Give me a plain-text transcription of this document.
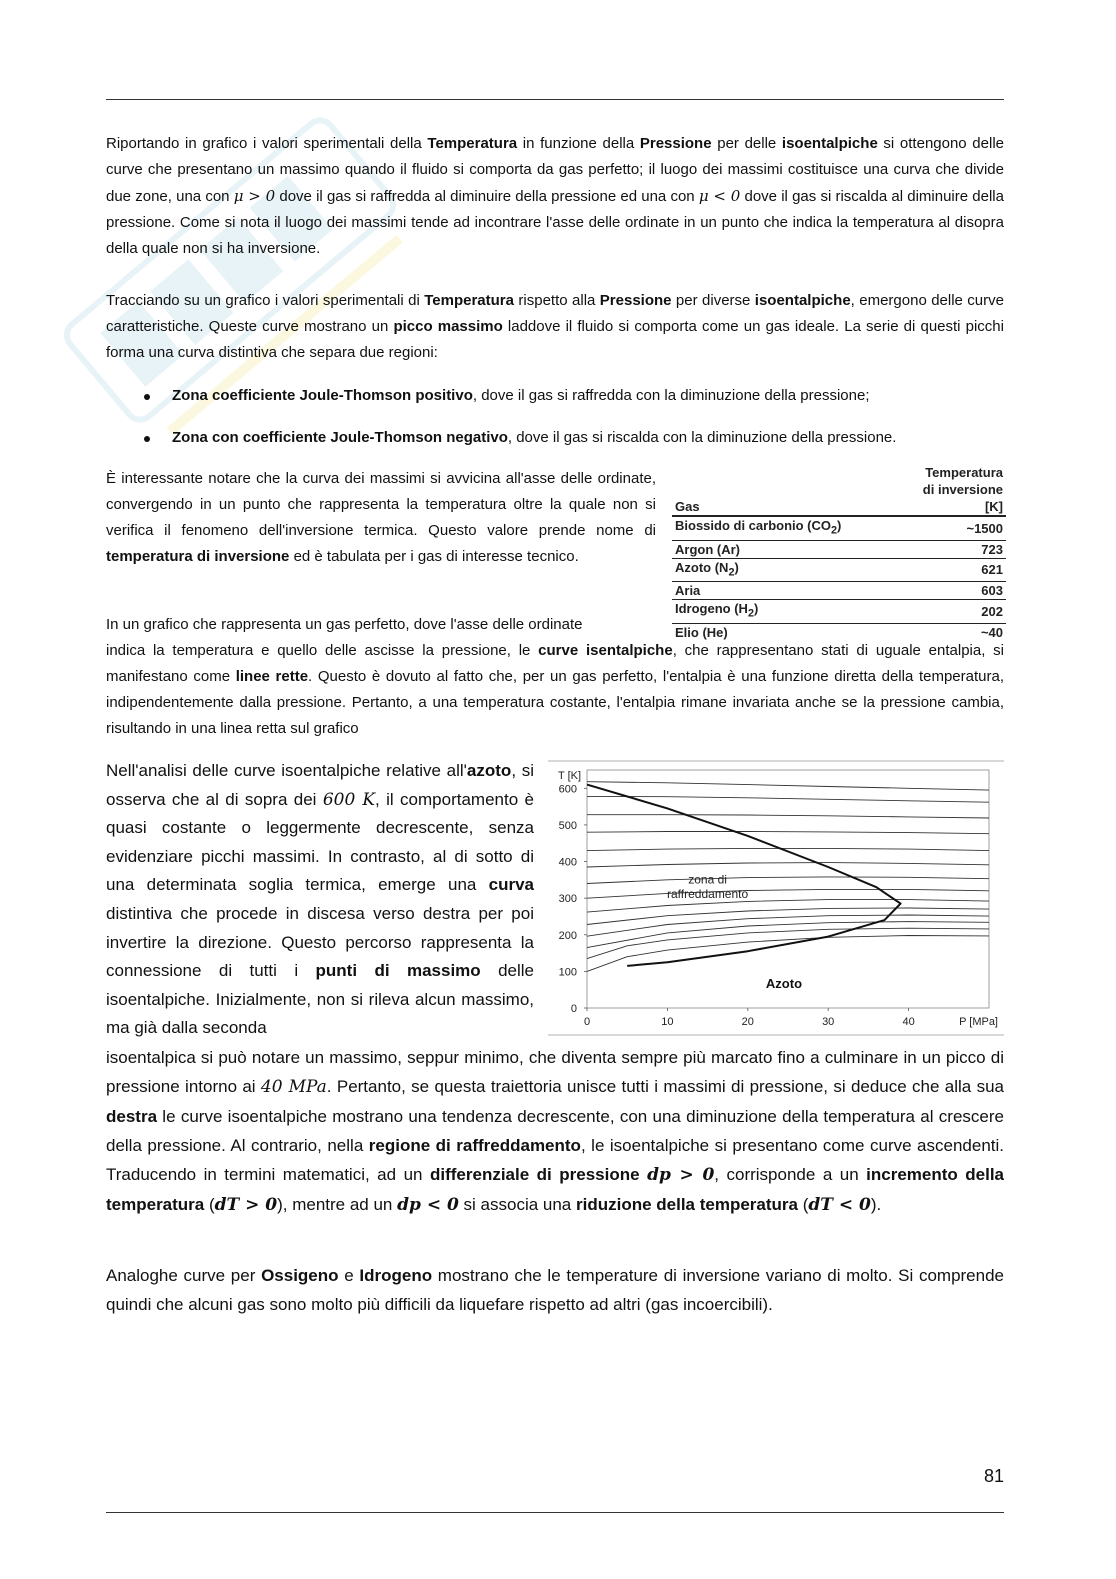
Riportando in grafico i valori sperimentali della Temperatura in funzione della Pressione per delle isoentalpiche si ottengono delle curve che presentano un massimo quando il fluido si comporta da gas perfetto; il luogo dei massimi costituisce una curva che divide due zone, una con μ > 0 dove il gas si raffredda al diminuire della pressione ed una con μ < 0 dove il gas si riscalda al diminuire della pressione. Come si nota il luogo dei massimi tende ad incontrare l'asse delle ordinate in un punto che indica la temperatura al disopra della quale non si ha inversione.

Tracciando su un grafico i valori sperimentali di Temperatura rispetto alla Pressione per diverse isoentalpiche, emergono delle curve caratteristiche. Queste curve mostrano un picco massimo laddove il fluido si comporta come un gas ideale. La serie di questi picchi forma una curva distintiva che separa due regioni:

Zona coefficiente Joule-Thomson positivo, dove il gas si raffredda con la diminuzione della pressione;
Zona con coefficiente Joule-Thomson negativo, dove il gas si riscalda con la diminuzione della pressione.

È interessante notare che la curva dei massimi si avvicina all'asse delle ordinate, convergendo in un punto che rappresenta la temperatura oltre la quale non si verifica il fenomeno dell'inversione termica. Questo valore prende nome di temperatura di inversione ed è tabulata per i gas di interesse tecnico.

Gas	Temperatura
di inversione
[K]

Biossido di carbonio $(CO_2)$	~1500
Argon (Ar)	723
Azoto $(N_2)$	621
Aria	603
Idrogeno $(H_2)$	202
Elio (He)	~40

In un grafico che rappresenta un gas perfetto, dove l'asse delle ordinate

indica la temperatura e quello delle ascisse la pressione, le curve isentalpiche, che rappresentano stati di uguale entalpia, si manifestano come linee rette. Questo è dovuto al fatto che, per un gas perfetto, l'entalpia è una funzione diretta della temperatura, indipendentemente dalla pressione. Pertanto, a una temperatura costante, l'entalpia rimane invariata anche se la pressione cambia, risultando in una linea retta sul grafico

Nell'analisi delle curve isoentalpiche relative all'azoto, si osserva che al di sopra dei 600 K, il comportamento è quasi costante o leggermente decrescente, senza evidenziare picchi massimi. In contrasto, al di sotto di una determinata soglia termica, emerge una curva distintiva che procede in discesa verso destra per poi invertire la direzione. Questo percorso rappresenta la connessione di tutti i punti di massimo delle isoentalpiche. Inizialmente, non si rileva alcun massimo, ma già dalla seconda

0
100
200
300
400
500
600
0	10	20	30	40
T [K]
P [MPa]
zona di
raffreddamento
Azoto

isoentalpica si può notare un massimo, seppur minimo, che diventa sempre più marcato fino a culminare in un picco di pressione intorno ai 40 MPa. Pertanto, se questa traiettoria unisce tutti i massimi di pressione, si deduce che alla sua destra le curve isoentalpiche mostrano una tendenza decrescente, con una diminuzione della temperatura al crescere della pressione. Al contrario, nella regione di raffreddamento, le isoentalpiche si presentano come curve ascendenti. Traducendo in termini matematici, ad un differenziale di pressione dp > 0, corrisponde a un incremento della temperatura (dT > 0), mentre ad un dp < 0 si associa una riduzione della temperatura (dT < 0).

Analoghe curve per Ossigeno e Idrogeno mostrano che le temperature di inversione variano di molto. Si comprende quindi che alcuni gas sono molto più difficili da liquefare rispetto ad altri (gas incoercibili).

81
